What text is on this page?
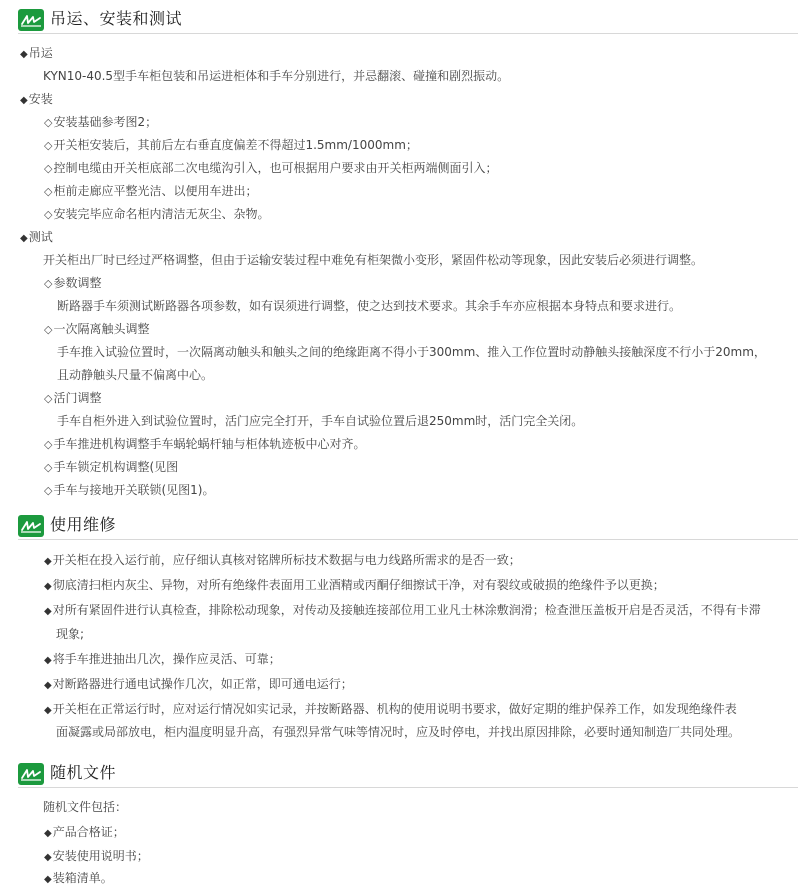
吊运、安装和测试
◆吊运
KYN10-40.5型手车柜包装和吊运进柜体和手车分别进行，并忌翻滚、碰撞和剧烈振动。
◆安装
◇安装基础参考图2；
◇开关柜安装后，其前后左右垂直度偏差不得超过1.5mm/1000mm；
◇控制电缆由开关柜底部二次电缆沟引入，也可根据用户要求由开关柜两端侧面引入；
◇柜前走廊应平整光洁、以便用车进出；
◇安装完毕应命名柜内清洁无灰尘、杂物。
◆测试
开关柜出厂时已经过严格调整，但由于运输安装过程中难免有柜架微小变形，紧固件松动等现象，因此安装后必须进行调整。
◇参数调整
断路器手车须测试断路器各项参数，如有误须进行调整，使之达到技术要求。其余手车亦应根据本身特点和要求进行。
◇一次隔离触头调整
手车推入试验位置时，一次隔离动触头和触头之间的绝缘距离不得小于300mm、推入工作位置时动静触头接触深度不行小于20mm，
且动静触头尺量不偏离中心。
◇活门调整
手车自柜外进入到试验位置时，活门应完全打开，手车自试验位置后退250mm时，活门完全关闭。
◇手车推进机构调整手车蜗轮蜗杆轴与柜体轨迹板中心对齐。
◇手车锁定机构调整(见图
◇手车与接地开关联锁(见图1)。
使用维修
◆开关柜在投入运行前，应仔细认真核对铭牌所标技术数据与电力线路所需求的是否一致；
◆彻底清扫柜内灰尘、异物，对所有绝缘件表面用工业酒精或丙酮仔细擦试干净，对有裂纹或破损的绝缘件予以更换；
◆对所有紧固件进行认真检查，排除松动现象，对传动及接触连接部位用工业凡士林涂敷润滑；检查泄压盖板开启是否灵活，不得有卡滞
现象;
◆将手车推进抽出几次，操作应灵活、可靠；
◆对断路器进行通电试操作几次，如正常，即可通电运行；
◆开关柜在正常运行时，应对运行情况如实记录，并按断路器、机构的使用说明书要求，做好定期的维护保养工作，如发现绝缘件表
面凝露或局部放电，柜内温度明显升高，有强烈异常气味等情况时，应及时停电，并找出原因排除，必要时通知制造厂共同处理。
随机文件
随机文件包括：
◆产品合格证；
◆安装使用说明书；
◆装箱清单。
